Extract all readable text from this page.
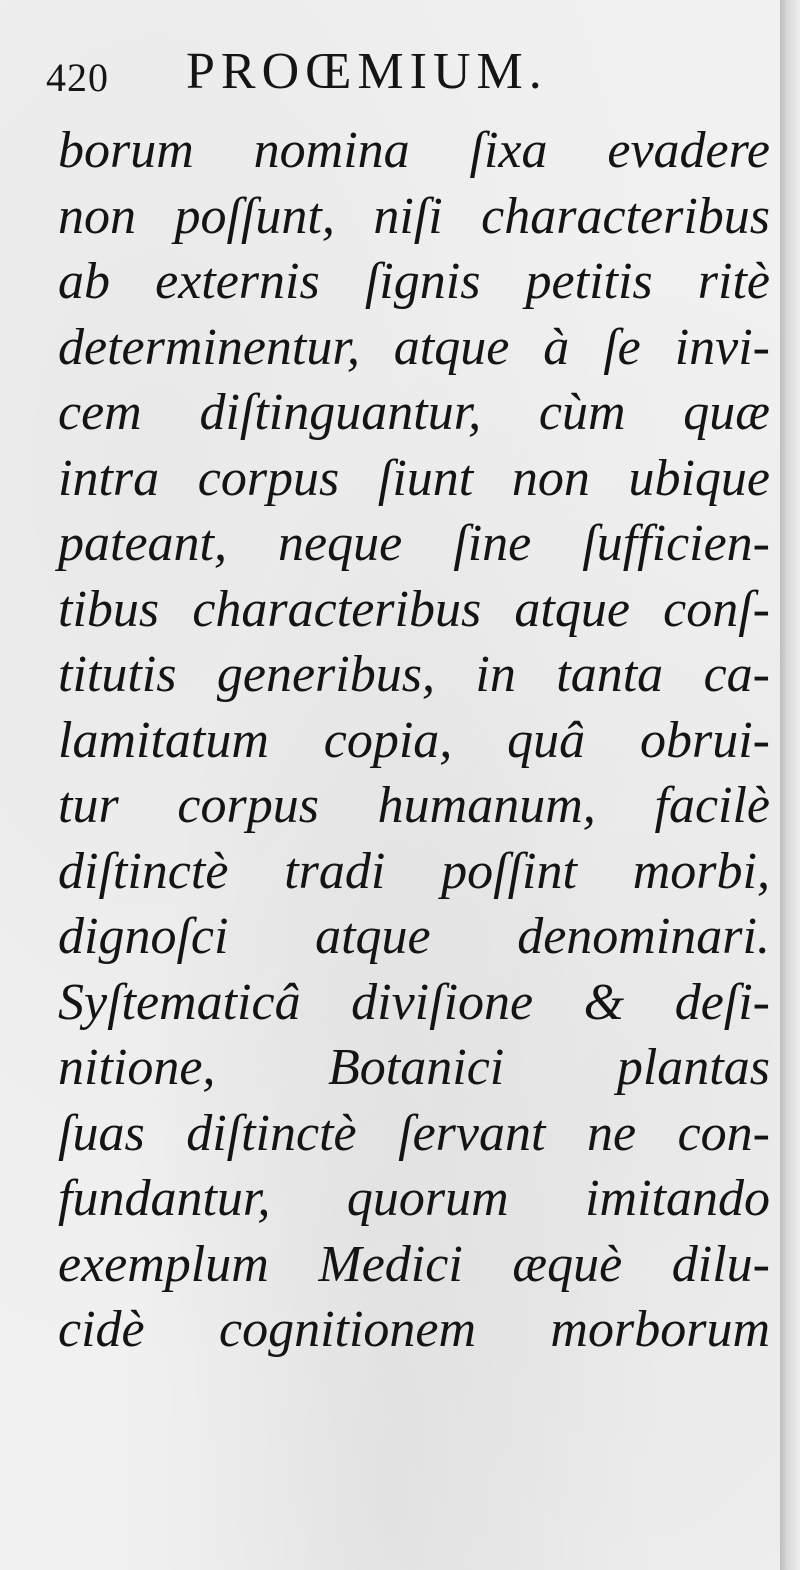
420 PROŒMIUM.
borum nomina ſixa evadere
non poſſunt, niſi characteribus
ab externis ſignis petitis ritè
determinentur, atque à ſe invi-
cem diſtinguantur, cùm quæ
intra corpus ſiunt non ubique
pateant, neque ſine ſufficien-
tibus characteribus atque conſ-
titutis generibus, in tanta ca-
lamitatum copia, quâ obrui-
tur corpus humanum, facilè
diſtinctè tradi poſſint morbi,
dignoſci atque denominari.
Syſtematicâ diviſione & deſi-
nitione, Botanici plantas
ſuas diſtinctè ſervant ne con-
fundantur, quorum imitando
exemplum Medici æquè dilu-
cidè cognitionem morborum
